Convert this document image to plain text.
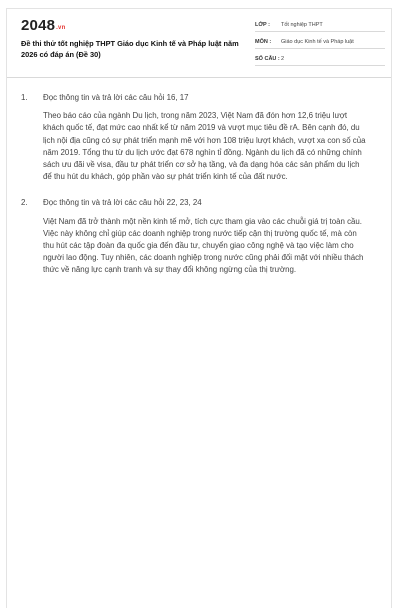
2048.vn
Đề thi thử tốt nghiệp THPT Giáo dục Kinh tế và Pháp luật năm 2026 có đáp án (Đề 30)
LỚP :	Tốt nghiệp THPT
MÔN :	Giáo dục Kinh tế và Pháp luật
SỐ CÂU : 2
1.	Đọc thông tin và trả lời các câu hỏi 16, 17
Theo báo cáo của ngành Du lịch, trong năm 2023, Việt Nam đã đón hơn 12,6 triệu lượt khách quốc tế, đạt mức cao nhất kể từ năm 2019 và vượt mục tiêu đề rA. Bên cạnh đó, du lịch nội địa cũng có sự phát triển mạnh mẽ với hơn 108 triệu lượt khách, vượt xa con số của năm 2019. Tổng thu từ du lịch ước đạt 678 nghìn tỉ đồng. Ngành du lịch đã có những chính sách ưu đãi về visa, đầu tư phát triển cơ sở hạ tầng, và đa dạng hóa các sản phẩm du lịch để thu hút du khách, góp phần vào sự phát triển kinh tế của đất nước.
2.	Đọc thông tin và trả lời các câu hỏi 22, 23, 24
Việt Nam đã trở thành một nền kinh tế mở, tích cực tham gia vào các chuỗi giá trị toàn cầu. Việc này không chỉ giúp các doanh nghiệp trong nước tiếp cận thị trường quốc tế, mà còn thu hút các tập đoàn đa quốc gia đến đầu tư, chuyển giao công nghệ và tạo việc làm cho người lao động. Tuy nhiên, các doanh nghiệp trong nước cũng phải đối mặt với nhiều thách thức về năng lực cạnh tranh và sự thay đổi không ngừng của thị trường.
